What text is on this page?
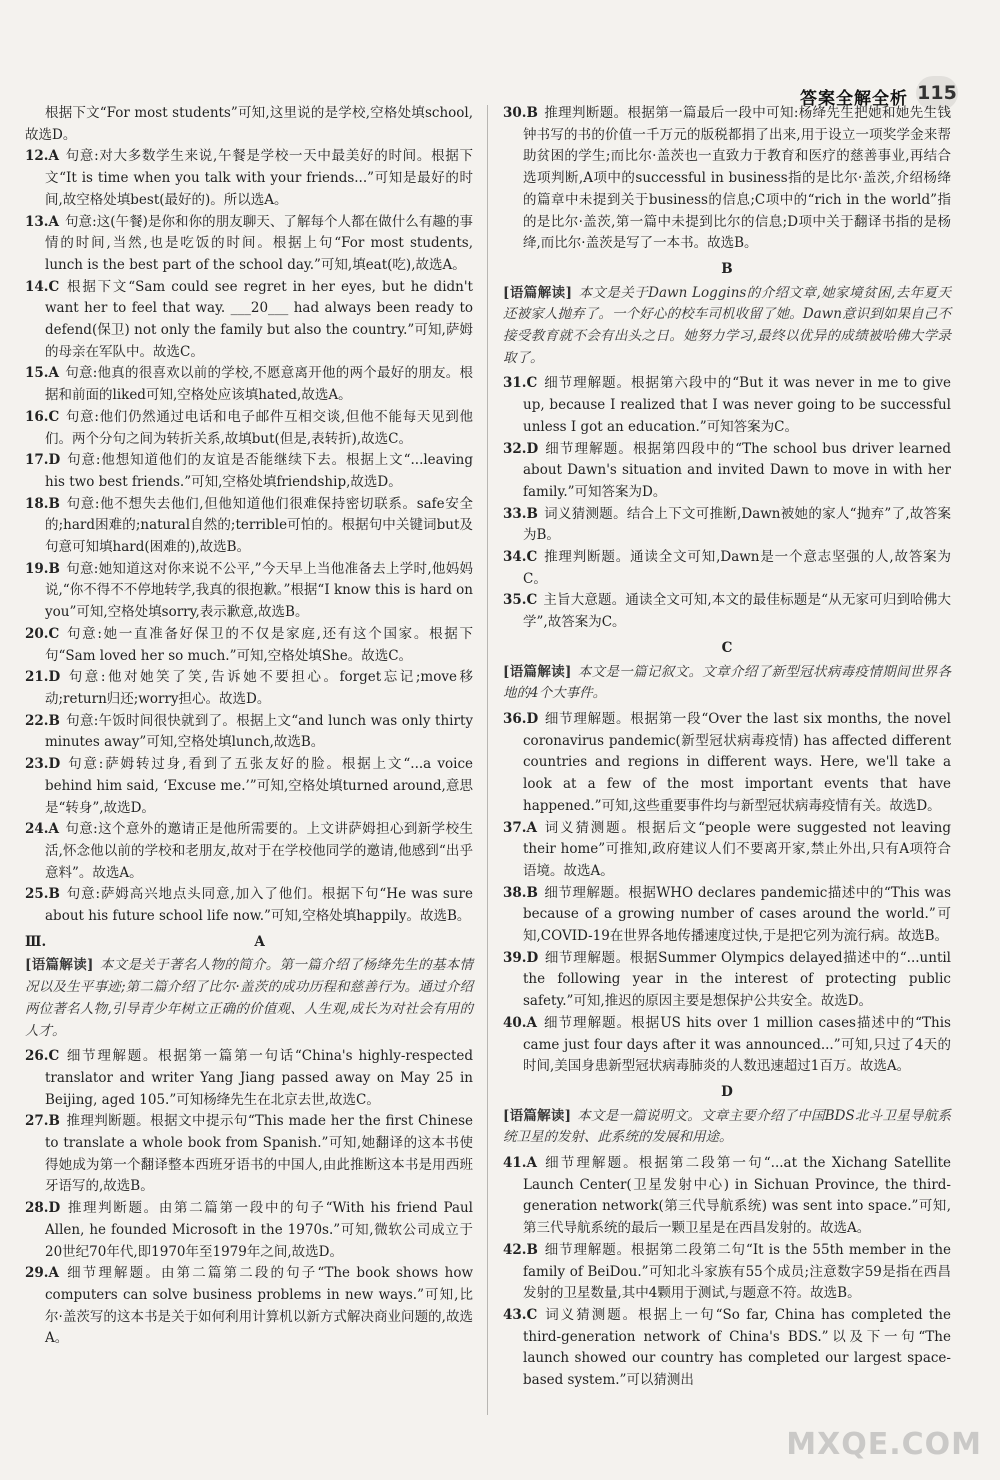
答案全解全析 115

根据下文“For most students”可知,这里说的是学校,空格处填school,故选D。

12.A 句意:对大多数学生来说,午餐是学校一天中最美好的时间。根据下文“It is time when you talk with your friends...”可知是最好的时间,故空格处填best(最好的)。所以选A。

13.A 句意:这(午餐)是你和你的朋友聊天、了解每个人都在做什么有趣的事情的时间,当然,也是吃饭的时间。根据上句“For most students, lunch is the best part of the school day.”可知,填eat(吃),故选A。

14.C 根据下文“Sam could see regret in her eyes, but he didn't want her to feel that way. ___20___ had always been ready to defend(保卫) not only the family but also the country.”可知,萨姆的母亲在军队中。故选C。

15.A 句意:他真的很喜欢以前的学校,不愿意离开他的两个最好的朋友。根据和前面的liked可知,空格处应该填hated,故选A。

16.C 句意:他们仍然通过电话和电子邮件互相交谈,但他不能每天见到他们。两个分句之间为转折关系,故填but(但是,表转折),故选C。

17.D 句意:他想知道他们的友谊是否能继续下去。根据上文“...leaving his two best friends.”可知,空格处填friendship,故选D。

18.B 句意:他不想失去他们,但他知道他们很难保持密切联系。safe安全的;hard困难的;natural自然的;terrible可怕的。根据句中关键词but及句意可知填hard(困难的),故选B。

19.B 句意:她知道这对你来说不公平,”今天早上当他准备去上学时,他妈妈说,“你不得不不停地转学,我真的很抱歉。”根据“I know this is hard on you”可知,空格处填sorry,表示歉意,故选B。

20.C 句意:她一直准备好保卫的不仅是家庭,还有这个国家。根据下句“Sam loved her so much.”可知,空格处填She。故选C。

21.D 句意:他对她笑了笑,告诉她不要担心。forget忘记;move移动;return归还;worry担心。故选D。

22.B 句意:午饭时间很快就到了。根据上文“and lunch was only thirty minutes away”可知,空格处填lunch,故选B。

23.D 句意:萨姆转过身,看到了五张友好的脸。根据上文“...a voice behind him said, ‘Excuse me.’”可知,空格处填turned around,意思是“转身”,故选D。

24.A 句意:这个意外的邀请正是他所需要的。上文讲萨姆担心到新学校生活,怀念他以前的学校和老朋友,故对于在学校他同学的邀请,他感到“出乎意料”。故选A。

25.B 句意:萨姆高兴地点头同意,加入了他们。根据下句“He was sure about his future school life now.”可知,空格处填happily。故选B。

Ⅲ.	A

[语篇解读] 本文是关于著名人物的简介。第一篇介绍了杨绛先生的基本情况以及生平事迹;第二篇介绍了比尔·盖茨的成功历程和慈善行为。通过介绍两位著名人物,引导青少年树立正确的价值观、人生观,成长为对社会有用的人才。

26.C 细节理解题。根据第一篇第一句话“China's highly-respected translator and writer Yang Jiang passed away on May 25 in Beijing, aged 105.”可知杨绛先生在北京去世,故选C。

27.B 推理判断题。根据文中提示句“This made her the first Chinese to translate a whole book from Spanish.”可知,她翻译的这本书使得她成为第一个翻译整本西班牙语书的中国人,由此推断这本书是用西班牙语写的,故选B。

28.D 推理判断题。由第二篇第一段中的句子“With his friend Paul Allen, he founded Microsoft in the 1970s.”可知,微软公司成立于20世纪70年代,即1970年至1979年之间,故选D。

29.A 细节理解题。由第二篇第二段的句子“The book shows how computers can solve business problems in new ways.”可知,比尔·盖茨写的这本书是关于如何利用计算机以新方式解决商业问题的,故选A。

30.B 推理判断题。根据第一篇最后一段中可知:杨绛先生把她和她先生钱钟书写的书的价值一千万元的版税都捐了出来,用于设立一项奖学金来帮助贫困的学生;而比尔·盖茨也一直致力于教育和医疗的慈善事业,再结合选项判断,A项中的successful in business指的是比尔·盖茨,介绍杨绛的篇章中未提到关于business的信息;C项中的“rich in the world”指的是比尔·盖茨,第一篇中未提到比尔的信息;D项中关于翻译书指的是杨绛,而比尔·盖茨是写了一本书。故选B。

B

[语篇解读] 本文是关于Dawn Loggins的介绍文章,她家境贫困,去年夏天还被家人抛弃了。一个好心的校车司机收留了她。Dawn意识到如果自己不接受教育就不会有出头之日。她努力学习,最终以优异的成绩被哈佛大学录取了。

31.C 细节理解题。根据第六段中的“But it was never in me to give up, because I realized that I was never going to be successful unless I got an education.”可知答案为C。

32.D 细节理解题。根据第四段中的“The school bus driver learned about Dawn's situation and invited Dawn to move in with her family.”可知答案为D。

33.B 词义猜测题。结合上下文可推断,Dawn被她的家人“抛弃”了,故答案为B。

34.C 推理判断题。通读全文可知,Dawn是一个意志坚强的人,故答案为C。

35.C 主旨大意题。通读全文可知,本文的最佳标题是“从无家可归到哈佛大学”,故答案为C。

C

[语篇解读] 本文是一篇记叙文。文章介绍了新型冠状病毒疫情期间世界各地的4个大事件。

36.D 细节理解题。根据第一段“Over the last six months, the novel coronavirus pandemic(新型冠状病毒疫情) has affected different countries and regions in different ways. Here, we'll take a look at a few of the most important events that have happened.”可知,这些重要事件均与新型冠状病毒疫情有关。故选D。

37.A 词义猜测题。根据后文“people were suggested not leaving their home”可推知,政府建议人们不要离开家,禁止外出,只有A项符合语境。故选A。

38.B 细节理解题。根据WHO declares pandemic描述中的“This was because of a growing number of cases around the world.”可知,COVID-19在世界各地传播速度过快,于是把它列为流行病。故选B。

39.D 细节理解题。根据Summer Olympics delayed描述中的“...until the following year in the interest of protecting public safety.”可知,推迟的原因主要是想保护公共安全。故选D。

40.A 细节理解题。根据US hits over 1 million cases描述中的“This came just four days after it was announced...”可知,只过了4天的时间,美国身患新型冠状病毒肺炎的人数迅速超过1百万。故选A。

D

[语篇解读] 本文是一篇说明文。文章主要介绍了中国BDS北斗卫星导航系统卫星的发射、此系统的发展和用途。

41.A 细节理解题。根据第二段第一句“...at the Xichang Satellite Launch Center(卫星发射中心) in Sichuan Province, the third-generation network(第三代导航系统) was sent into space.”可知,第三代导航系统的最后一颗卫星是在西昌发射的。故选A。

42.B 细节理解题。根据第二段第二句“It is the 55th member in the family of BeiDou.”可知北斗家族有55个成员;注意数字59是指在西昌发射的卫星数量,其中4颗用于测试,与题意不符。故选B。

43.C 词义猜测题。根据上一句“So far, China has completed the third-generation network of China's BDS.”以及下一句“The launch showed our country has completed our largest space-based system.”可以猜测出

MXQE.COM
